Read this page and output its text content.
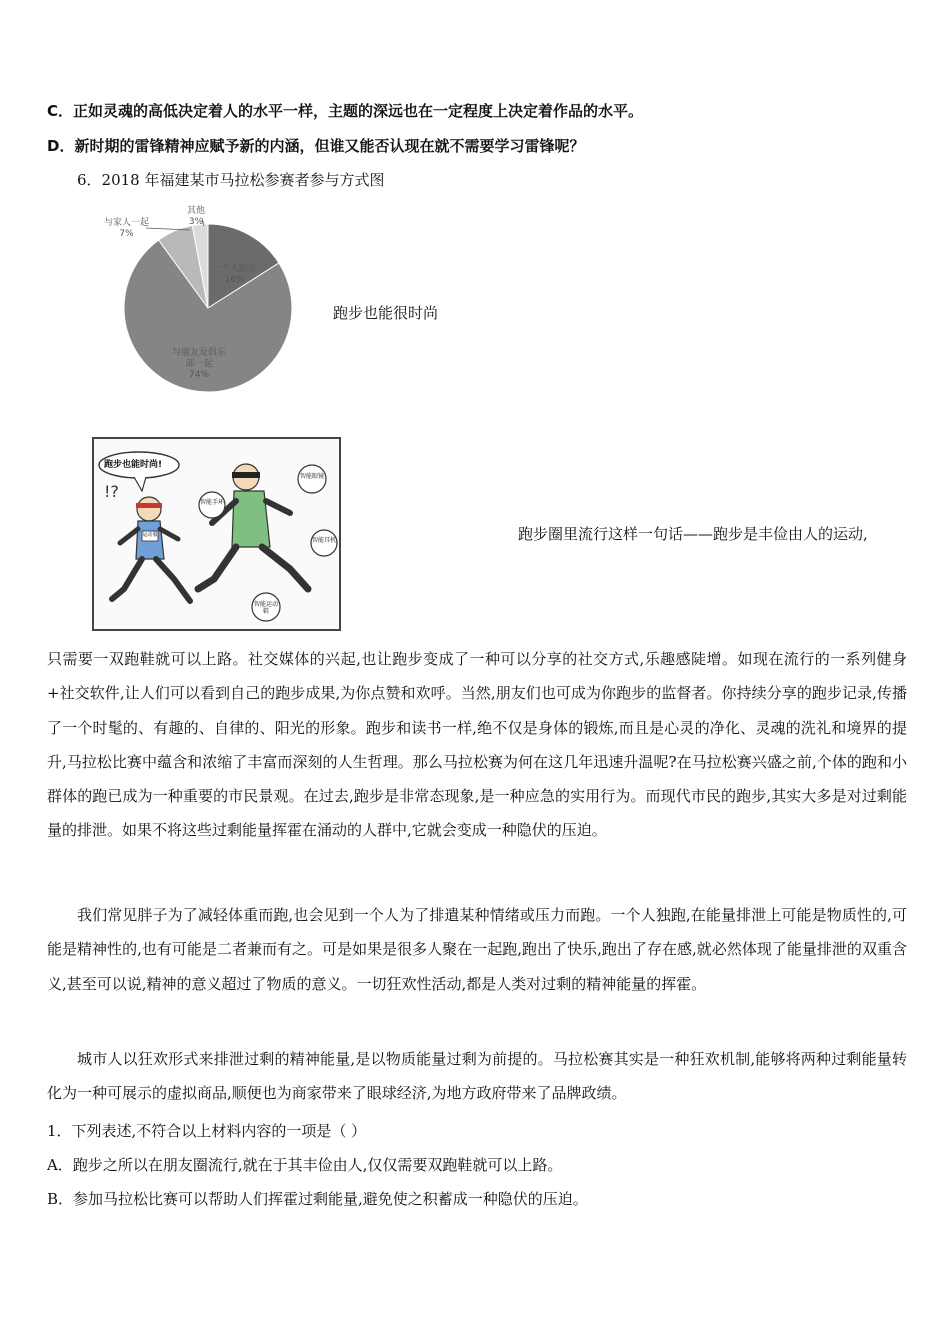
C．正如灵魂的高低决定着人的水平一样，主题的深远也在一定程度上决定着作品的水平。
D．新时期的雷锋精神应赋予新的内涵，但谁又能否认现在就不需要学习雷锋呢？
6．2018 年福建某市马拉松参赛者参与方式图
一个人跑步
16%
与朋友及俱乐
部一起
74%
与家人一起
7%
其他
3%
跑步也能很时尚
!?
跑步也能时尚!
智能眼镜
智能手环
智能耳机
智能运动鞋
运动服	跑步圈里流行这样一句话——跑步是丰俭由人的运动,
只需要一双跑鞋就可以上路。社交媒体的兴起,也让跑步变成了一种可以分享的社交方式,乐趣感陡增。如现在流行的一系列健身+社交软件,让人们可以看到自己的跑步成果,为你点赞和欢呼。当然,朋友们也可成为你跑步的监督者。你持续分享的跑步记录,传播了一个时髦的、有趣的、自律的、阳光的形象。跑步和读书一样,绝不仅是身体的锻炼,而且是心灵的净化、灵魂的洗礼和境界的提升,马拉松比赛中蕴含和浓缩了丰富而深刻的人生哲理。那么马拉松赛为何在这几年迅速升温呢?在马拉松赛兴盛之前,个体的跑和小群体的跑已成为一种重要的市民景观。在过去,跑步是非常态现象,是一种应急的实用行为。而现代市民的跑步,其实大多是对过剩能量的排泄。如果不将这些过剩能量挥霍在涌动的人群中,它就会变成一种隐伏的压迫。
我们常见胖子为了减轻体重而跑,也会见到一个人为了排遣某种情绪或压力而跑。一个人独跑,在能量排泄上可能是物质性的,可能是精神性的,也有可能是二者兼而有之。可是如果是很多人聚在一起跑,跑出了快乐,跑出了存在感,就必然体现了能量排泄的双重含义,甚至可以说,精神的意义超过了物质的意义。一切狂欢性活动,都是人类对过剩的精神能量的挥霍。
城市人以狂欢形式来排泄过剩的精神能量,是以物质能量过剩为前提的。马拉松赛其实是一种狂欢机制,能够将两种过剩能量转化为一种可展示的虚拟商品,顺便也为商家带来了眼球经济,为地方政府带来了品牌政绩。
1．下列表述,不符合以上材料内容的一项是（ ）
A．跑步之所以在朋友圈流行,就在于其丰俭由人,仅仅需要双跑鞋就可以上路。
B．参加马拉松比赛可以帮助人们挥霍过剩能量,避免使之积蓄成一种隐伏的压迫。
